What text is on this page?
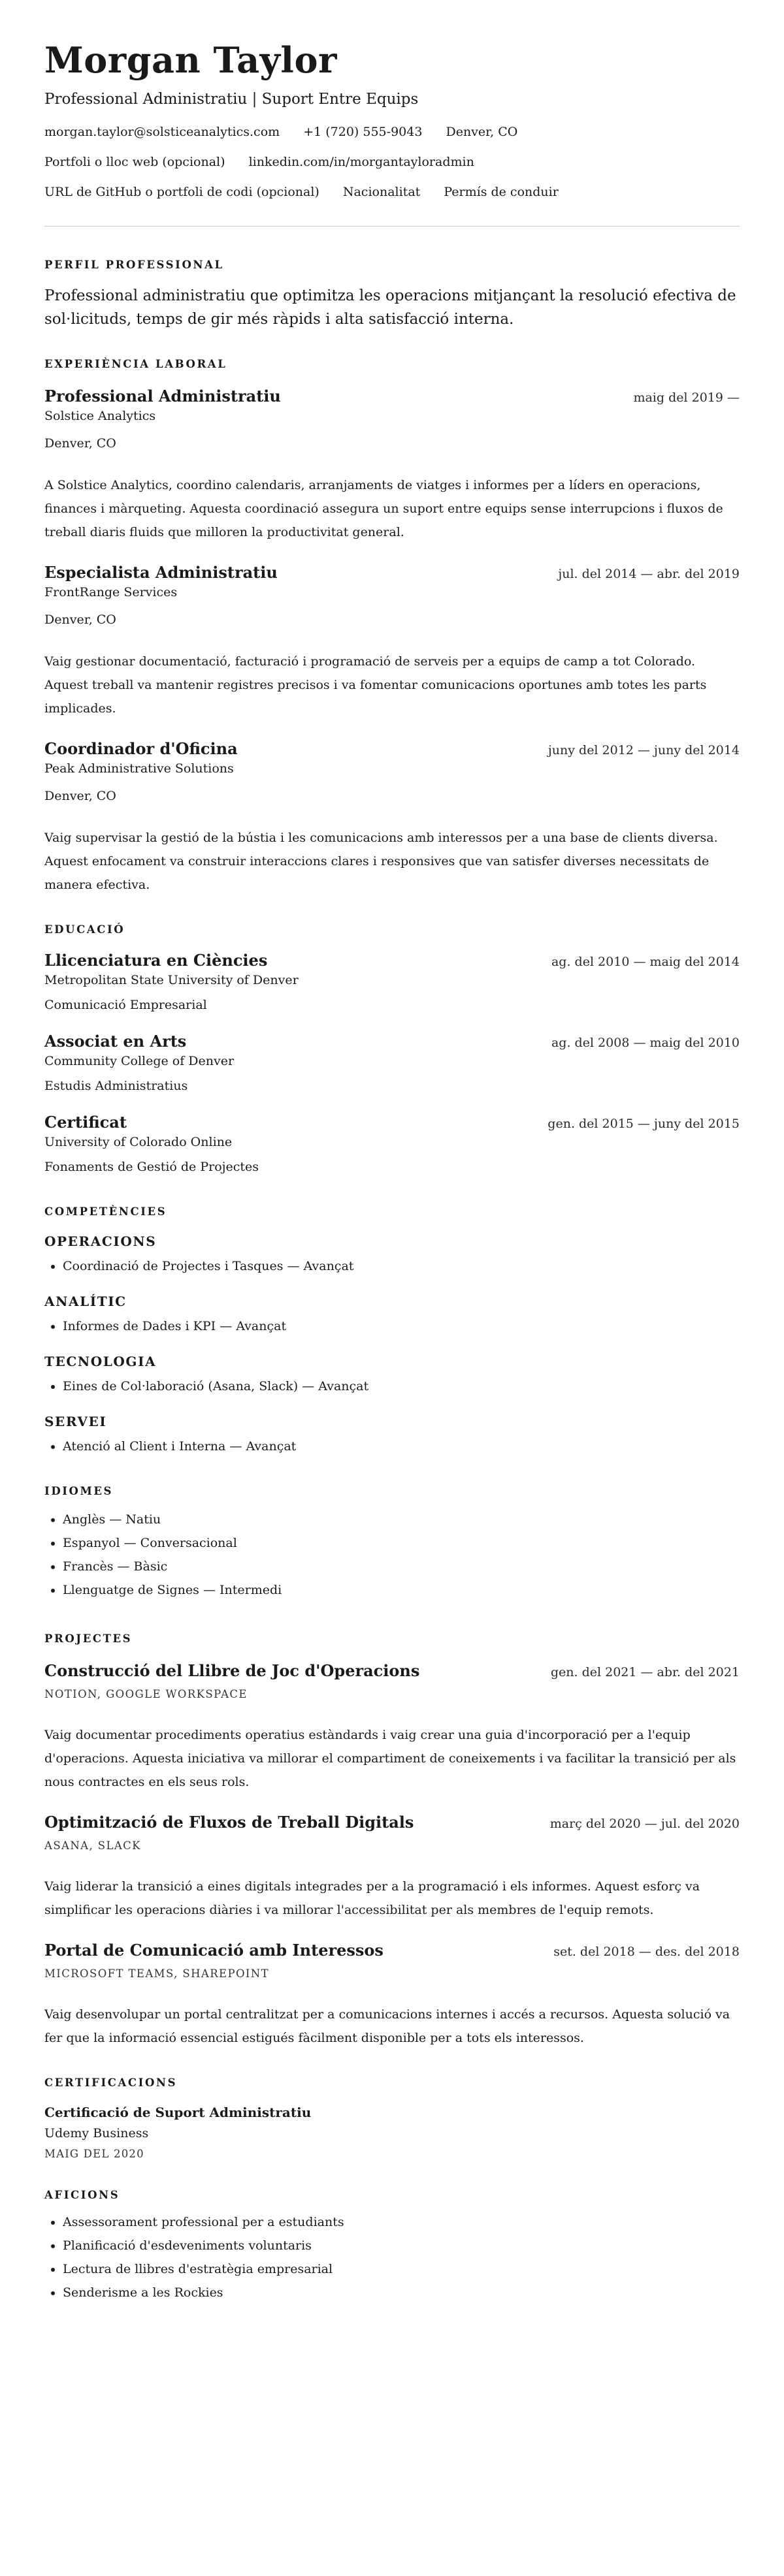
Morgan Taylor
Professional Administratiu | Suport Entre Equips
morgan.taylor@solsticeanalytics.com +1 (720) 555-9043 Denver, CO
Portfoli o lloc web (opcional) linkedin.com/in/morgantayloradmin
URL de GitHub o portfoli de codi (opcional) Nacionalitat Permís de conduir
PERFIL PROFESSIONAL

Professional administratiu que optimitza les operacions mitjançant la resolució efectiva de sol·licituds, temps de gir més ràpids i alta satisfacció interna.

EXPERIÈNCIA LABORAL
Professional Administratiu	maig del 2019 —
Solstice Analytics
Denver, CO

A Solstice Analytics, coordino calendaris, arranjaments de viatges i informes per a líders en operacions, finances i màrqueting. Aquesta coordinació assegura un suport entre equips sense interrupcions i fluxos de treball diaris fluids que milloren la productivitat general.

Especialista Administratiu	jul. del 2014 — abr. del 2019
FrontRange Services
Denver, CO

Vaig gestionar documentació, facturació i programació de serveis per a equips de camp a tot Colorado. Aquest treball va mantenir registres precisos i va fomentar comunicacions oportunes amb totes les parts implicades.

Coordinador d'Oficina	juny del 2012 — juny del 2014
Peak Administrative Solutions
Denver, CO

Vaig supervisar la gestió de la bústia i les comunicacions amb interessos per a una base de clients diversa. Aquest enfocament va construir interaccions clares i responsives que van satisfer diverses necessitats de manera efectiva.

EDUCACIÓ
Llicenciatura en Ciències	ag. del 2010 — maig del 2014
Metropolitan State University of Denver
Comunicació Empresarial
Associat en Arts	ag. del 2008 — maig del 2010
Community College of Denver
Estudis Administratius
Certificat	gen. del 2015 — juny del 2015
University of Colorado Online
Fonaments de Gestió de Projectes
COMPETÈNCIES
OPERACIONS
• Coordinació de Projectes i Tasques — Avançat
ANALÍTIC
• Informes de Dades i KPI — Avançat
TECNOLOGIA
• Eines de Col·laboració (Asana, Slack) — Avançat
SERVEI
• Atenció al Client i Interna — Avançat
IDIOMES
• Anglès — Natiu
• Espanyol — Conversacional
• Francès — Bàsic
• Llenguatge de Signes — Intermedi
PROJECTES
Construcció del Llibre de Joc d'Operacions	gen. del 2021 — abr. del 2021
NOTION, GOOGLE WORKSPACE

Vaig documentar procediments operatius estàndards i vaig crear una guia d'incorporació per a l'equip d'operacions. Aquesta iniciativa va millorar el compartiment de coneixements i va facilitar la transició per als nous contractes en els seus rols.

Optimització de Fluxos de Treball Digitals	març del 2020 — jul. del 2020
ASANA, SLACK

Vaig liderar la transició a eines digitals integrades per a la programació i els informes. Aquest esforç va simplificar les operacions diàries i va millorar l'accessibilitat per als membres de l'equip remots.

Portal de Comunicació amb Interessos	set. del 2018 — des. del 2018
MICROSOFT TEAMS, SHAREPOINT

Vaig desenvolupar un portal centralitzat per a comunicacions internes i accés a recursos. Aquesta solució va fer que la informació essencial estigués fàcilment disponible per a tots els interessos.

CERTIFICACIONS
Certificació de Suport Administratiu
Udemy Business
MAIG DEL 2020
AFICIONS
• Assessorament professional per a estudiants
• Planificació d'esdeveniments voluntaris
• Lectura de llibres d'estratègia empresarial
• Senderisme a les Rockies
